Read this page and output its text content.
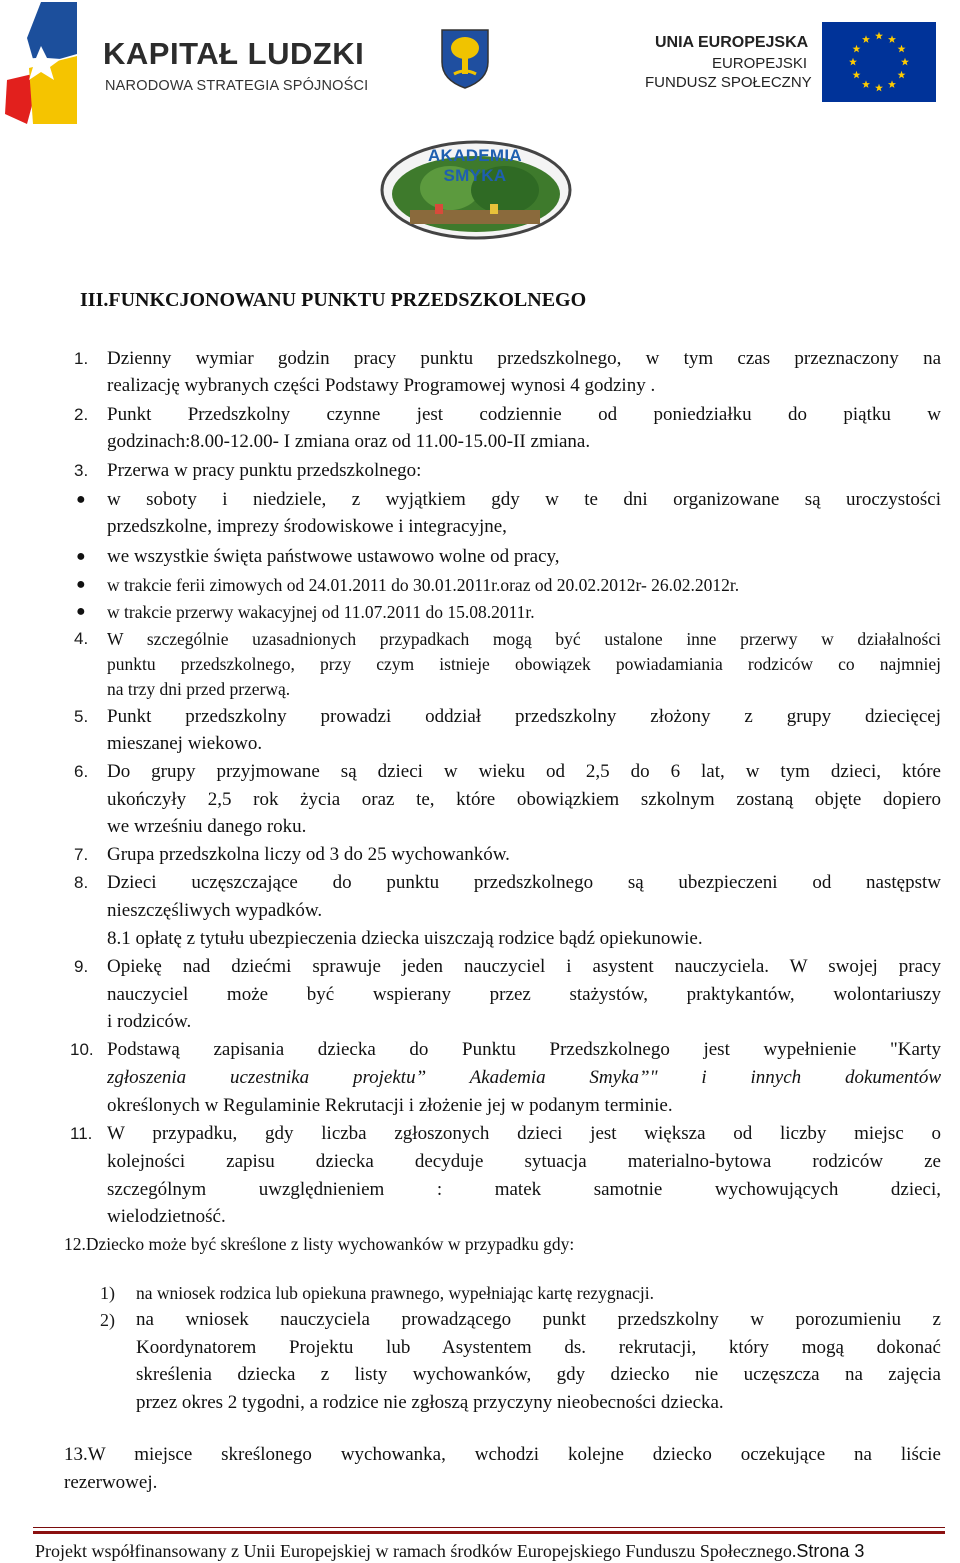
KAPITAŁ LUDZKI
NARODOWA STRATEGIA SPÓJNOŚCI
UNIA EUROPEJSKA
EUROPEJSKI
FUNDUSZ SPOŁECZNY
AKADEMIA SMYKA
III.FUNKCJONOWANU PUNKTU PRZEDSZKOLNEGO
1. Dzienny wymiar godzin pracy punktu przedszkolnego, w tym czas przeznaczony na
realizację wybranych części Podstawy Programowej wynosi 4 godziny .
2. Punkt Przedszkolny czynne jest codziennie od poniedziałku do piątku w
godzinach:8.00-12.00- I zmiana oraz od 11.00-15.00-II zmiana.
3. Przerwa w pracy punktu przedszkolnego:
● w soboty i niedziele, z wyjątkiem gdy w te dni organizowane są uroczystości
przedszkolne, imprezy środowiskowe i integracyjne,
● we wszystkie święta państwowe ustawowo wolne od pracy,
● w trakcie ferii zimowych od 24.01.2011 do 30.01.2011r.oraz od 20.02.2012r- 26.02.2012r.
● w trakcie przerwy wakacyjnej od 11.07.2011 do 15.08.2011r.
4. W szczególnie uzasadnionych przypadkach mogą być ustalone inne przerwy w działalności
punktu przedszkolnego, przy czym istnieje obowiązek powiadamiania rodziców co najmniej
na trzy dni przed przerwą.
5. Punkt przedszkolny prowadzi oddział przedszkolny złożony z grupy dziecięcej
mieszanej wiekowo.
6. Do grupy przyjmowane są dzieci w wieku od 2,5 do 6 lat, w tym dzieci, które
ukończyły 2,5 rok życia oraz te, które obowiązkiem szkolnym zostaną objęte dopiero
we wrześniu danego roku.
7. Grupa przedszkolna liczy od 3 do 25 wychowanków.
8. Dzieci uczęszczające do punktu przedszkolnego są ubezpieczeni od następstw
nieszczęśliwych wypadków.
8.1 opłatę z tytułu ubezpieczenia dziecka uiszczają rodzice bądź opiekunowie.
9. Opiekę nad dziećmi sprawuje jeden nauczyciel i asystent nauczyciela. W swojej pracy
nauczyciel może być wspierany przez stażystów, praktykantów, wolontariuszy
i rodziców.
10. Podstawą zapisania dziecka do Punktu Przedszkolnego jest wypełnienie "Karty
zgłoszenia uczestnika projektu” Akademia Smyka”" i innych dokumentów
określonych w Regulaminie Rekrutacji i złożenie jej w podanym terminie.
11. W przypadku, gdy liczba zgłoszonych dzieci jest większa od liczby miejsc o
kolejności zapisu dziecka decyduje sytuacja materialno-bytowa rodziców ze
szczególnym uwzględnieniem : matek samotnie wychowujących dzieci,
wielodzietność.
12.Dziecko może być skreślone z listy wychowanków w przypadku gdy:
1) na wniosek rodzica lub opiekuna prawnego, wypełniając kartę rezygnacji.
2) na wniosek nauczyciela prowadzącego punkt przedszkolny w porozumieniu z
Koordynatorem Projektu lub Asystentem ds. rekrutacji, który mogą dokonać
skreślenia dziecka z listy wychowanków, gdy dziecko nie uczęszcza na zajęcia
przez okres 2 tygodni, a rodzice nie zgłoszą przyczyny nieobecności dziecka.
13.W miejsce skreślonego wychowanka, wchodzi kolejne dziecko oczekujące na liście
rezerwowej.
Projekt współfinansowany z Unii Europejskiej w ramach środków Europejskiego Funduszu Społecznego.Strona 3
